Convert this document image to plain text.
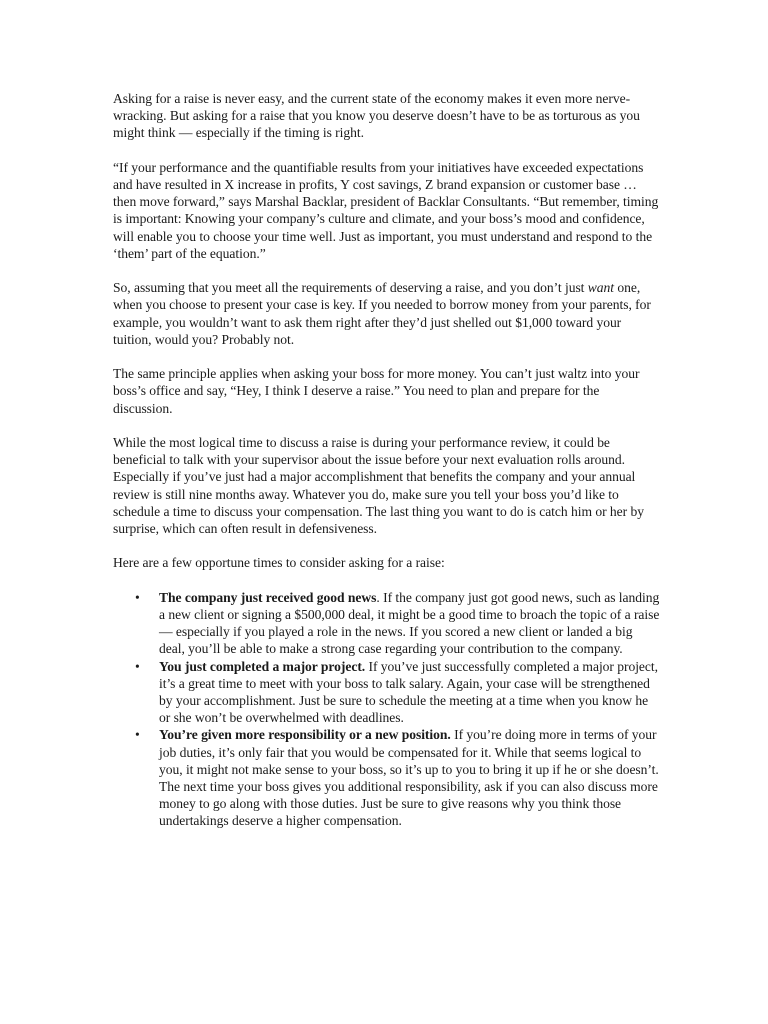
Asking for a raise is never easy, and the current state of the economy makes it even more nerve-wracking. But asking for a raise that you know you deserve doesn’t have to be as torturous as you might think — especially if the timing is right.

“If your performance and the quantifiable results from your initiatives have exceeded expectations and have resulted in X increase in profits, Y cost savings, Z brand expansion or customer base … then move forward,” says Marshal Backlar, president of Backlar Consultants. “But remember, timing is important: Knowing your company’s culture and climate, and your boss’s mood and confidence, will enable you to choose your time well. Just as important, you must understand and respond to the ‘them’ part of the equation.”

So, assuming that you meet all the requirements of deserving a raise, and you don’t just want one, when you choose to present your case is key. If you needed to borrow money from your parents, for example, you wouldn’t want to ask them right after they’d just shelled out $1,000 toward your tuition, would you? Probably not.

The same principle applies when asking your boss for more money. You can’t just waltz into your boss’s office and say, “Hey, I think I deserve a raise.” You need to plan and prepare for the discussion.

While the most logical time to discuss a raise is during your performance review, it could be beneficial to talk with your supervisor about the issue before your next evaluation rolls around. Especially if you’ve just had a major accomplishment that benefits the company and your annual review is still nine months away. Whatever you do, make sure you tell your boss you’d like to schedule a time to discuss your compensation. The last thing you want to do is catch him or her by surprise, which can often result in defensiveness.

Here are a few opportune times to consider asking for a raise:

• The company just received good news. If the company just got good news, such as landing a new client or signing a $500,000 deal, it might be a good time to broach the topic of a raise — especially if you played a role in the news. If you scored a new client or landed a big deal, you’ll be able to make a strong case regarding your contribution to the company.
• You just completed a major project. If you’ve just successfully completed a major project, it’s a great time to meet with your boss to talk salary. Again, your case will be strengthened by your accomplishment. Just be sure to schedule the meeting at a time when you know he or she won’t be overwhelmed with deadlines.
• You’re given more responsibility or a new position. If you’re doing more in terms of your job duties, it’s only fair that you would be compensated for it. While that seems logical to you, it might not make sense to your boss, so it’s up to you to bring it up if he or she doesn’t. The next time your boss gives you additional responsibility, ask if you can also discuss more money to go along with those duties. Just be sure to give reasons why you think those undertakings deserve a higher compensation.
